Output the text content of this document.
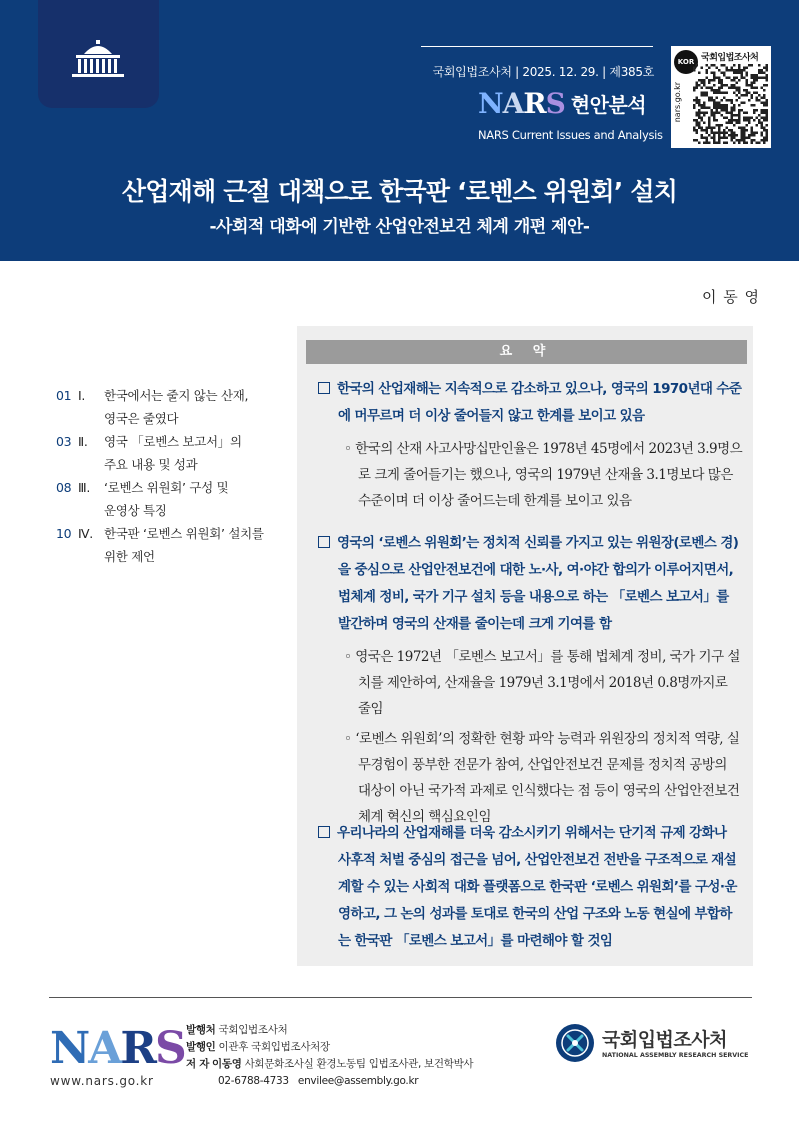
국회입법조사처 | 2025. 12. 29. | 제385호
NARS 현안분석
NARS Current Issues and Analysis
KOR 국회입법조사처
nars.go.kr
산업재해 근절 대책으로 한국판 ‘로벤스 위원회’ 설치
-사회적 대화에 기반한 산업안전보건 체계 개편 제안-
이 동 영
01 Ⅰ. 한국에서는 줄지 않는 산재,
영국은 줄였다
03 Ⅱ. 영국 「로벤스 보고서」의
주요 내용 및 성과
08 Ⅲ. ‘로벤스 위원회’ 구성 및
운영상 특징
10 Ⅳ. 한국판 ‘로벤스 위원회’ 설치를
위한 제언
요 약
한국의 산업재해는 지속적으로 감소하고 있으나, 영국의 1970년대 수준에 머무르며 더 이상 줄어들지 않고 한계를 보이고 있음
◦ 한국의 산재 사고사망십만인율은 1978년 45명에서 2023년 3.9명으로 크게 줄어들기는 했으나, 영국의 1979년 산재율 3.1명보다 많은 수준이며 더 이상 줄어드는데 한계를 보이고 있음
영국의 ‘로벤스 위원회’는 정치적 신뢰를 가지고 있는 위원장(로벤스 경)을 중심으로 산업안전보건에 대한 노·사, 여·야간 합의가 이루어지면서, 법체계 정비, 국가 기구 설치 등을 내용으로 하는 「로벤스 보고서」를 발간하며 영국의 산재를 줄이는데 크게 기여를 함
◦ 영국은 1972년 「로벤스 보고서」를 통해 법체계 정비, 국가 기구 설치를 제안하여, 산재율을 1979년 3.1명에서 2018년 0.8명까지로 줄임
◦ ‘로벤스 위원회’의 정확한 현황 파악 능력과 위원장의 정치적 역량, 실무경험이 풍부한 전문가 참여, 산업안전보건 문제를 정치적 공방의 대상이 아닌 국가적 과제로 인식했다는 점 등이 영국의 산업안전보건 체계 혁신의 핵심요인임
우리나라의 산업재해를 더욱 감소시키기 위해서는 단기적 규제 강화나 사후적 처벌 중심의 접근을 넘어, 산업안전보건 전반을 구조적으로 재설계할 수 있는 사회적 대화 플랫폼으로 한국판 ‘로벤스 위원회’를 구성·운영하고, 그 논의 성과를 토대로 한국의 산업 구조와 노동 현실에 부합하는 한국판 「로벤스 보고서」를 마련해야 할 것임
NARS
www.nars.go.kr
발행처 국회입법조사처
발행인 이관후 국회입법조사처장
저 자 이동영 사회문화조사실 환경노동팀 입법조사관, 보건학박사
02-6788-4733 envilee@assembly.go.kr
국회입법조사처
NATIONAL ASSEMBLY RESEARCH SERVICE
